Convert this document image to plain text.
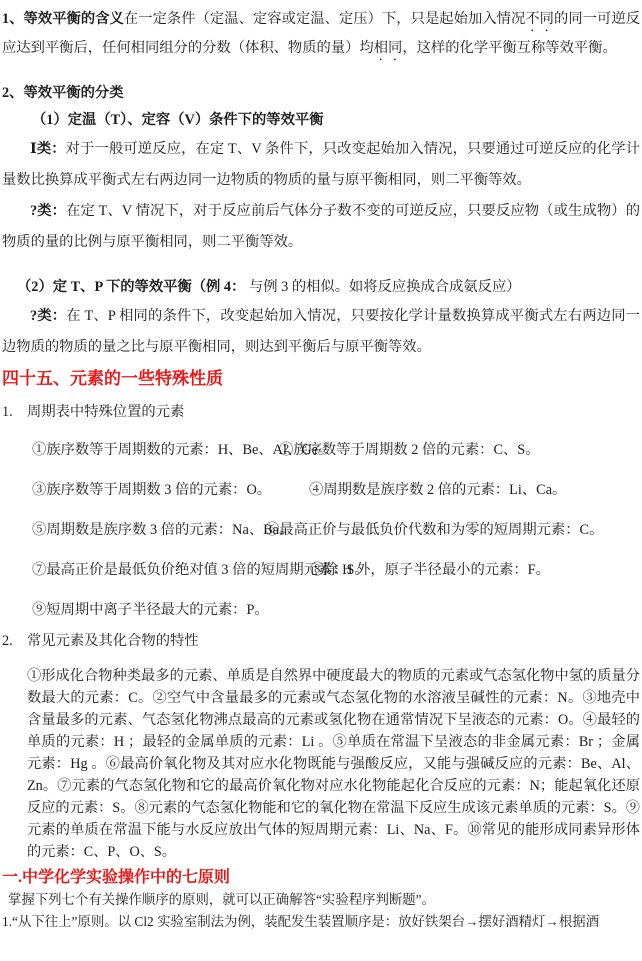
1、等效平衡的含义在一定条件（定温、定容或定温、定压）下，只是起始加入情况不同的同一可逆反应达到平衡后，任何相同组分的分数（体积、物质的量）均相同，这样的化学平衡互称等效平衡。

2、等效平衡的分类

（1）定温（T）、定容（V）条件下的等效平衡

Ⅰ类：对于一般可逆反应，在定 T、V 条件下，只改变起始加入情况，只要通过可逆反应的化学计量数比换算成平衡式左右两边同一边物质的物质的量与原平衡相同，则二平衡等效。

?类：在定 T、V 情况下，对于反应前后气体分子数不变的可逆反应，只要反应物（或生成物）的物质的量的比例与原平衡相同，则二平衡等效。

（2）定 T、P 下的等效平衡（例 4： 与例 3 的相似。如将反应换成合成氨反应）

?类：在 T、P 相同的条件下，改变起始加入情况，只要按化学计量数换算成平衡式左右两边同一边物质的物质的量之比与原平衡相同，则达到平衡后与原平衡等效。

四十五、元素的一些特殊性质

1.　周期表中特殊位置的元素

①族序数等于周期数的元素：H、Be、Al、Ge。
②族序数等于周期数 2 倍的元素：C、S。
③族序数等于周期数 3 倍的元素：O。	④周期数是族序数 2 倍的元素：Li、Ca。
⑤周期数是族序数 3 倍的元素：Na、Ba。
⑥最高正价与最低负价代数和为零的短周期元素：C。
⑦最高正价是最低负价绝对值 3 倍的短周期元素：S。
⑧除 H 外，原子半径最小的元素：F。
⑨短周期中离子半径最大的元素：P。

2.　常见元素及其化合物的特性

①形成化合物种类最多的元素、单质是自然界中硬度最大的物质的元素或气态氢化物中氢的质量分数最大的元素：C。②空气中含量最多的元素或气态氢化物的水溶液呈碱性的元素：N。③地壳中含量最多的元素、气态氢化物沸点最高的元素或氢化物在通常情况下呈液态的元素：O。④最轻的单质的元素：H ；最轻的金属单质的元素：Li 。⑤单质在常温下呈液态的非金属元素：Br ；金属元素：Hg 。⑥最高价氧化物及其对应水化物既能与强酸反应，又能与强碱反应的元素：Be、Al、Zn。⑦元素的气态氢化物和它的最高价氧化物对应水化物能起化合反应的元素：N；能起氧化还原反应的元素：S。⑧元素的气态氢化物能和它的氧化物在常温下反应生成该元素单质的元素：S。⑨元素的单质在常温下能与水反应放出气体的短周期元素：Li、Na、F。⑩常见的能形成同素异形体的元素：C、P、O、S。

一.中学化学实验操作中的七原则

掌握下列七个有关操作顺序的原则，就可以正确解答“实验程序判断题”。

1.“从下往上”原则。以 Cl2 实验室制法为例，装配发生装置顺序是：放好铁架台→摆好酒精灯→根据酒
